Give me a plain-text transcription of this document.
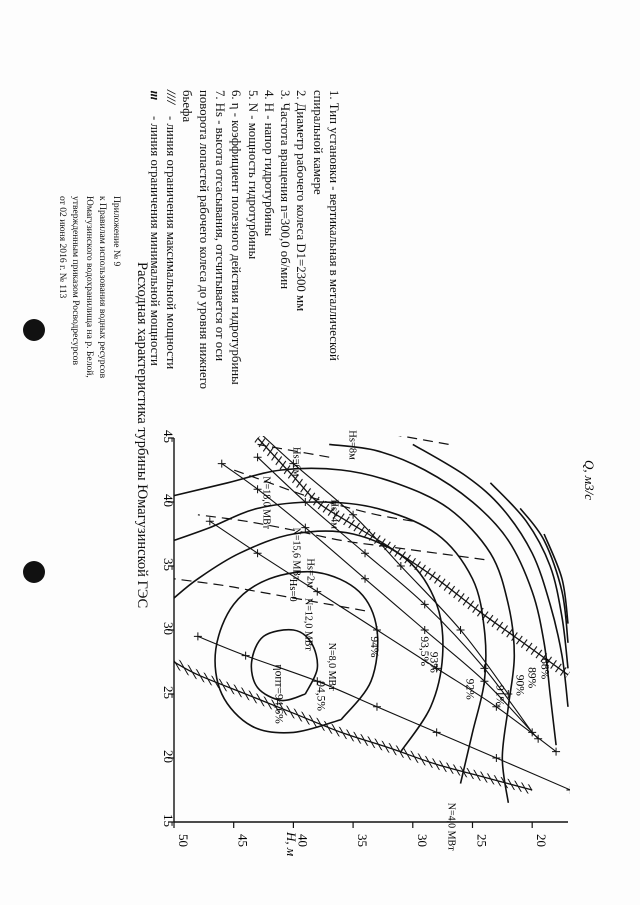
Приложение № 9
к Правилам использования водных ресурсов
Юмагузинского водохранилища на р. Белой,
утвержденным приказом Росводресурсов
от 02 июня 2016 г. № 113
Расходная характеристика турбины Юмагузинской ГЭС
1. Тип установки - вертикальная в металлической
спиральной камере
2. Диаметр рабочего колеса D1=2300 мм
3. Частота вращения n=300,0 об/мин
4. H - напор гидротурбины
5. N - мощность гидротурбины
6. η - коэффициент полезного действия гидротурбины
7. Hs - высота отсасывания, отсчитывается от оси
поворота лопастей рабочего колеса до уровня нижнего
бьефа
////- линия ограничения максимальной мощности
ⲓⲓⲓ- линия ограничения минимальной мощности
20
25
30
35
40
45
50
15
20
25
30
35
40
45
Q, м3/с
H, м
ηопт=94,6%	94,5%
94%	93,5%
93%
92% 91% 90% 89% 88%
N=4,0 МВт
N=8,0 МВт
N=12,0 МВт
N=15,6 МВт
N=18,0 МВт
Hs=0
Hs=2м
Hs=4м
Hs=6м
Hs=8м
